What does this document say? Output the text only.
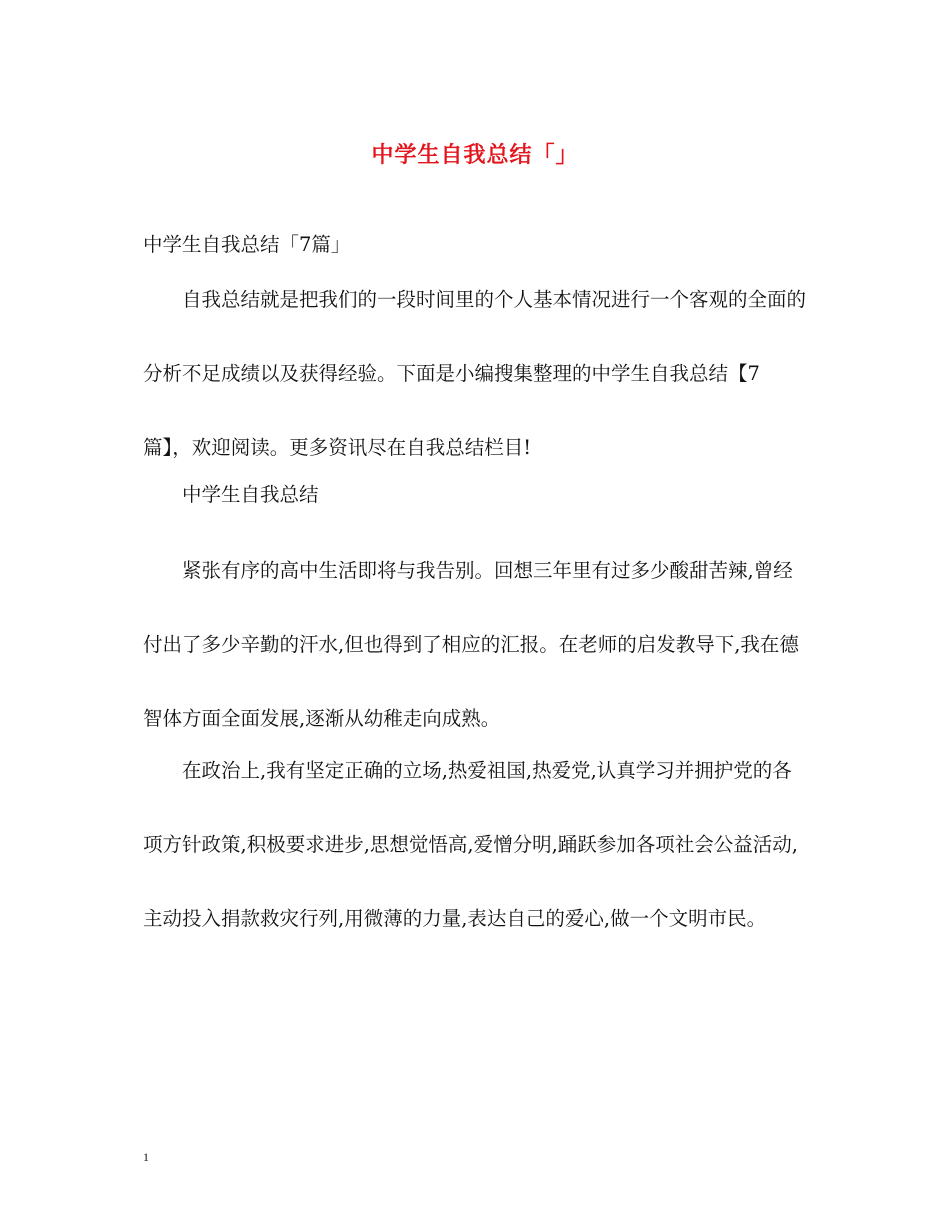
中学生自我总结「」

中学生自我总结「7篇」

自我总结就是把我们的一段时间里的个人基本情况进行一个客观的全面的分析不足成绩以及获得经验。下面是小编搜集整理的中学生自我总结【7篇】，欢迎阅读。更多资讯尽在自我总结栏目!

中学生自我总结

紧张有序的高中生活即将与我告别。回想三年里有过多少酸甜苦辣,曾经付出了多少辛勤的汗水,但也得到了相应的汇报。在老师的启发教导下,我在德智体方面全面发展,逐渐从幼稚走向成熟。

在政治上,我有坚定正确的立场,热爱祖国,热爱党,认真学习并拥护党的各项方针政策,积极要求进步,思想觉悟高,爱憎分明,踊跃参加各项社会公益活动,主动投入捐款救灾行列,用微薄的力量,表达自己的爱心,做一个文明市民。

1
